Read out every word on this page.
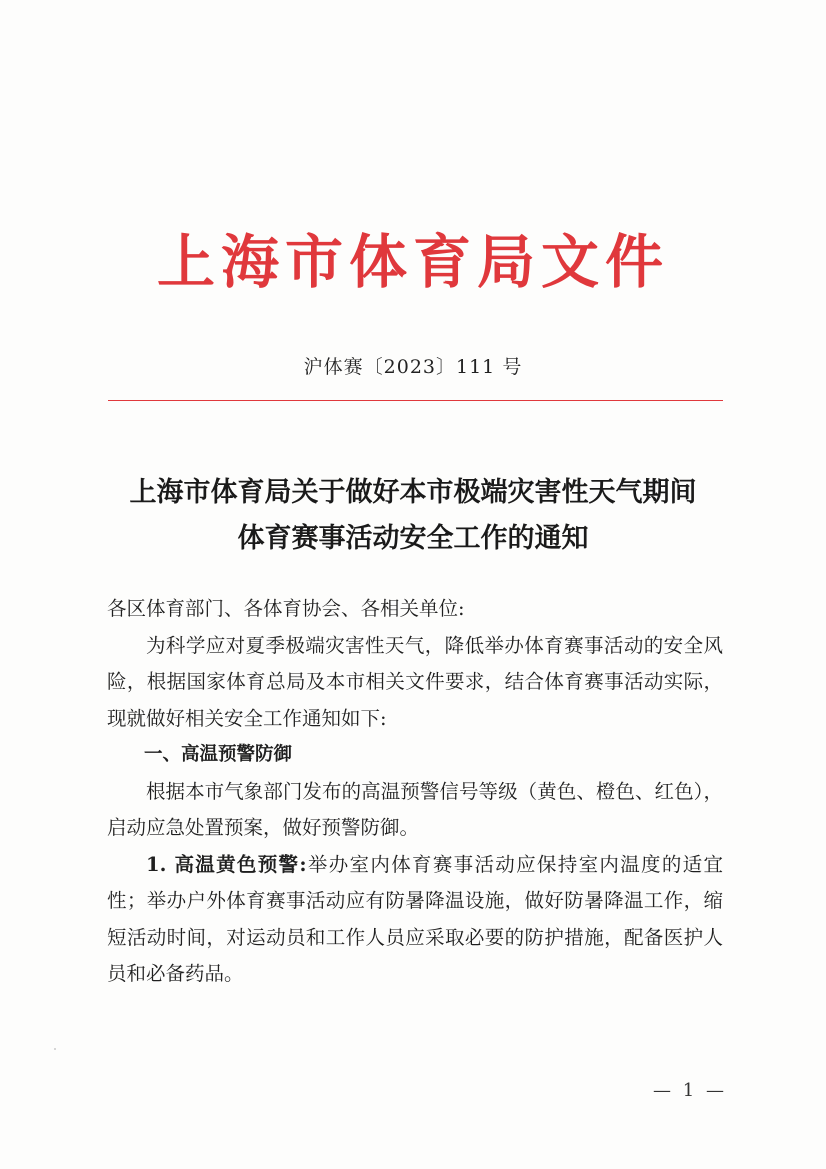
上海市体育局文件
沪体赛〔2023〕111 号
上海市体育局关于做好本市极端灾害性天气期间
体育赛事活动安全工作的通知

各区体育部门、各体育协会、各相关单位:

为科学应对夏季极端灾害性天气，降低举办体育赛事活动的安全风险，根据国家体育总局及本市相关文件要求，结合体育赛事活动实际，现就做好相关安全工作通知如下:

一、高温预警防御

根据本市气象部门发布的高温预警信号等级（黄色、橙色、红色），启动应急处置预案，做好预警防御。

1. 高温黄色预警:举办室内体育赛事活动应保持室内温度的适宜性；举办户外体育赛事活动应有防暑降温设施，做好防暑降温工作，缩短活动时间，对运动员和工作人员应采取必要的防护措施，配备医护人员和必备药品。

— 1 —
